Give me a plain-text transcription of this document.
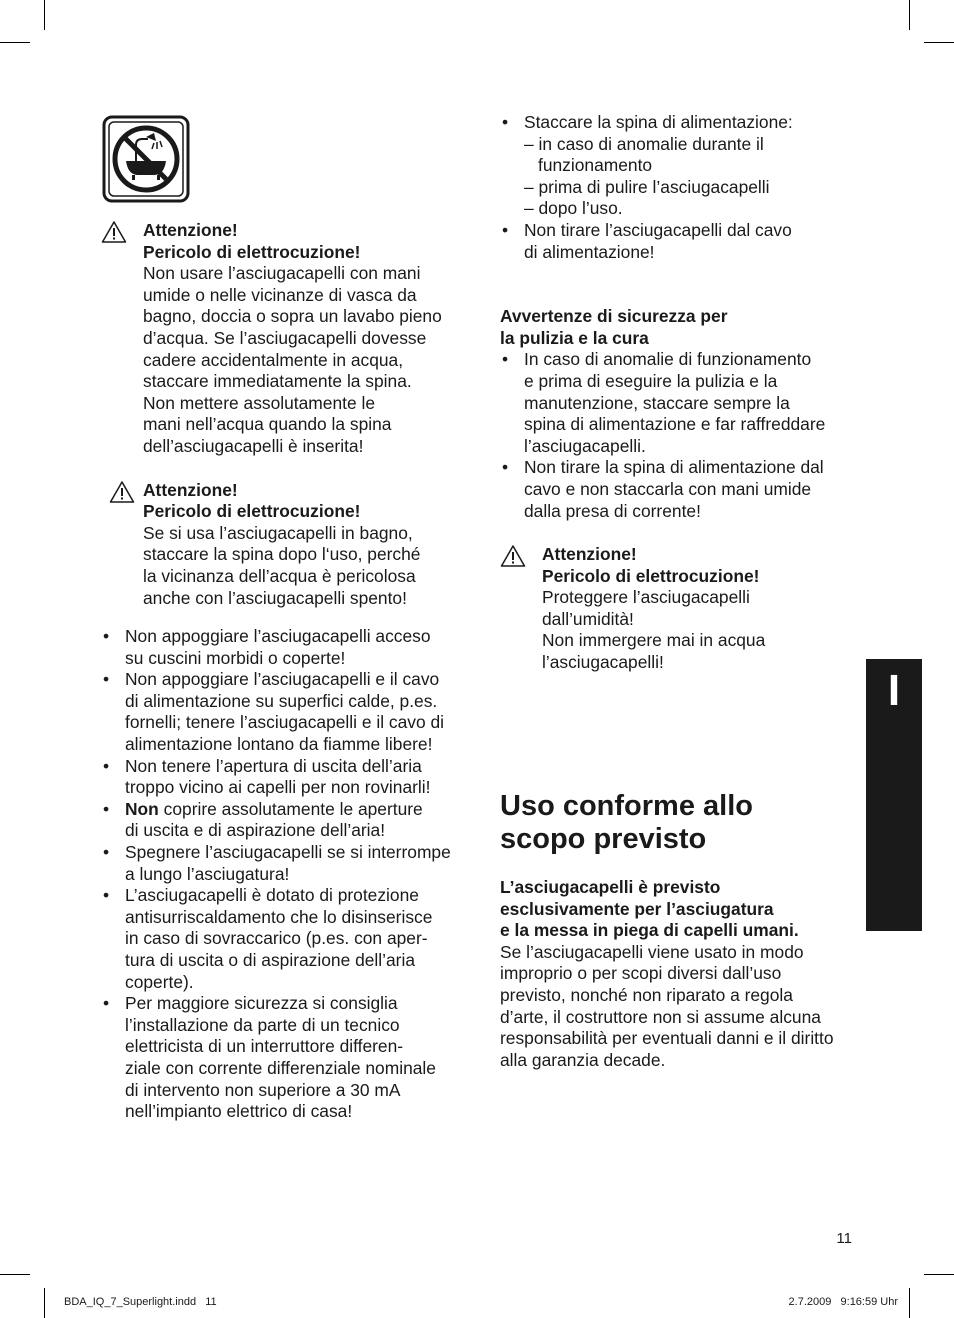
Attenzione!
Pericolo di elettrocuzione!
Non usare l’asciugacapelli con mani
umide o nelle vicinanze di vasca da
bagno, doccia o sopra un lavabo pieno
d’acqua. Se l’asciugacapelli dovesse
cadere accidentalmente in acqua,
staccare immediatamente la spina.
Non mettere assolutamente le
mani nell’acqua quando la spina
dell’asciugacapelli è inserita!
Attenzione!
Pericolo di elettrocuzione!
Se si usa l’asciugacapelli in bagno,
staccare la spina dopo l‘uso, perché
la vicinanza dell’acqua è pericolosa
anche con l’asciugacapelli spento!
• Non appoggiare l’asciugacapelli acceso
su cuscini morbidi o coperte!
• Non appoggiare l’asciugacapelli e il cavo
di alimentazione su superfici calde, p.es.
fornelli; tenere l’asciugacapelli e il cavo di
alimentazione lontano da fiamme libere!
• Non tenere l’apertura di uscita dell’aria
troppo vicino ai capelli per non rovinarli!
• Non coprire assolutamente le aperture
di uscita e di aspirazione dell’aria!
• Spegnere l’asciugacapelli se si interrompe
a lungo l’asciugatura!
• L’asciugacapelli è dotato di protezione
antisurriscaldamento che lo disinserisce
in caso di sovraccarico (p.es. con aper-
tura di uscita o di aspirazione dell’aria
coperte).
• Per maggiore sicurezza si consiglia
l’installazione da parte di un tecnico
elettricista di un interruttore differen-
ziale con corrente differenziale nominale
di intervento non superiore a 30 mA
nell’impianto elettrico di casa!
• Staccare la spina di alimentazione:
– in caso di anomalie durante il
funzionamento
– prima di pulire l’asciugacapelli
– dopo l’uso.
• Non tirare l’asciugacapelli dal cavo
di alimentazione!
Avvertenze di sicurezza per
la pulizia e la cura
• In caso di anomalie di funzionamento
e prima di eseguire la pulizia e la
manutenzione, staccare sempre la
spina di alimentazione e far raffreddare
l’asciugacapelli.
• Non tirare la spina di alimentazione dal
cavo e non staccarla con mani umide
dalla presa di corrente!
Attenzione!
Pericolo di elettrocuzione!
Proteggere l’asciugacapelli
dall’umidità!
Non immergere mai in acqua
l’asciugacapelli!
Uso conforme allo
scopo previsto
L’asciugacapelli è previsto
esclusivamente per l’asciugatura
e la messa in piega di capelli umani.
Se l’asciugacapelli viene usato in modo
improprio o per scopi diversi dall’uso
previsto, nonché non riparato a regola
d’arte, il costruttore non si assume alcuna
responsabilità per eventuali danni e il diritto
alla garanzia decade.
I
11
BDA_IQ_7_Superlight.indd   11	2.7.2009   9:16:59 Uhr
